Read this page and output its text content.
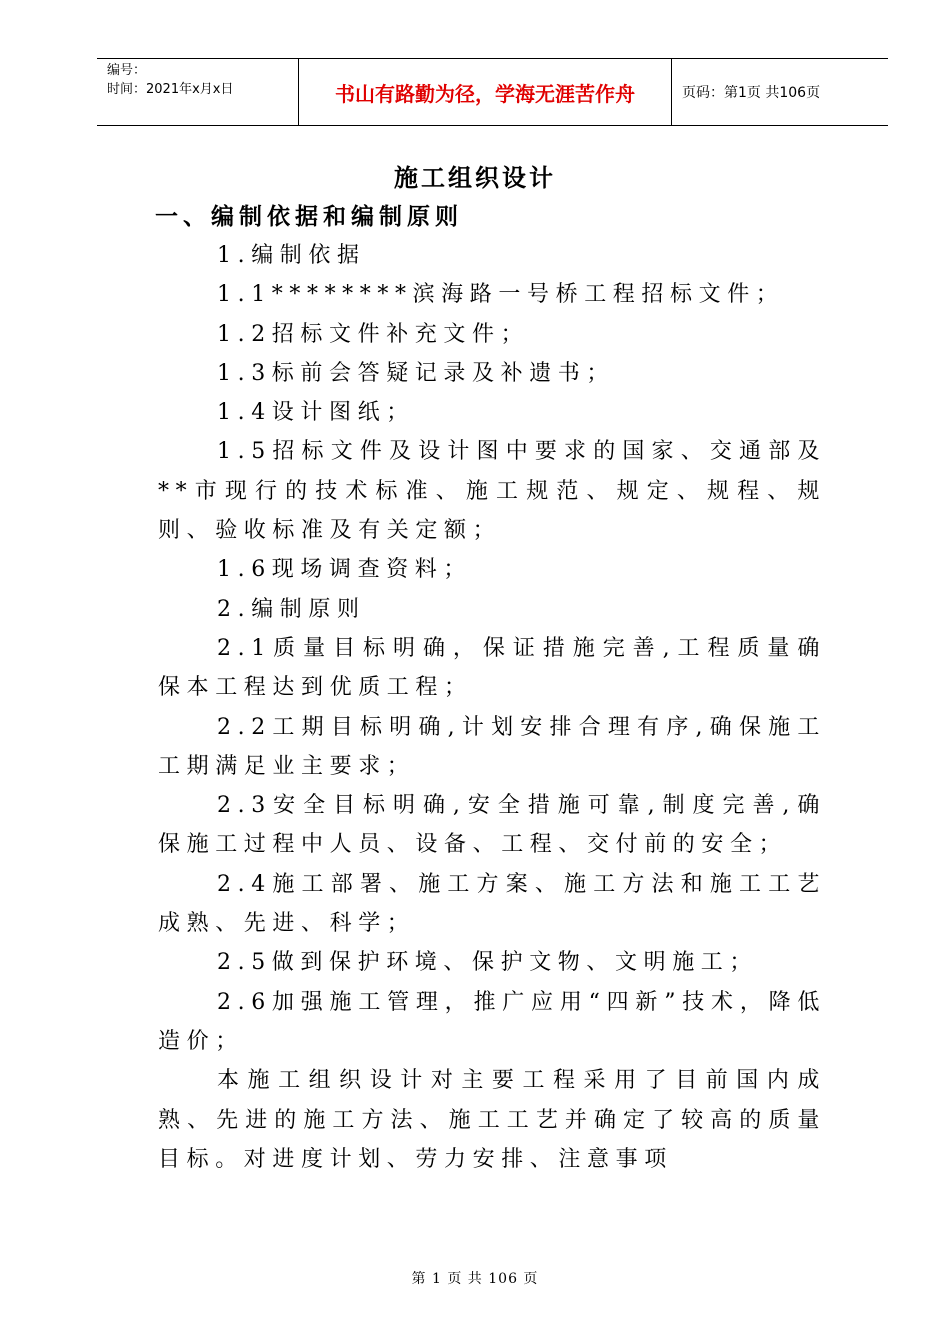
编号：
时间：2021年x月x日	书山有路勤为径，学海无涯苦作舟	页码：第1页 共106页
施工组织设计
一、编制依据和编制原则

1.编制依据

1.1********滨海路一号桥工程招标文件；

1.2招标文件补充文件；

1.3标前会答疑记录及补遗书；

1.4设计图纸；

1.5招标文件及设计图中要求的国家、交通部及**市现行的技术标准、施工规范、规定、规程、规则、验收标准及有关定额；

1.6现场调查资料；

2.编制原则

2.1质量目标明确，保证措施完善,工程质量确保本工程达到优质工程；

2.2工期目标明确,计划安排合理有序,确保施工工期满足业主要求；

2.3安全目标明确,安全措施可靠,制度完善,确保施工过程中人员、设备、工程、交付前的安全；

2.4施工部署、施工方案、施工方法和施工工艺成熟、先进、科学；

2.5做到保护环境、保护文物、文明施工；

2.6加强施工管理，推广应用“四新”技术，降低造价；

本施工组织设计对主要工程采用了目前国内成熟、先进的施工方法、施工工艺并确定了较高的质量目标。对进度计划、劳力安排、注意事项

第 1 页 共 106 页
